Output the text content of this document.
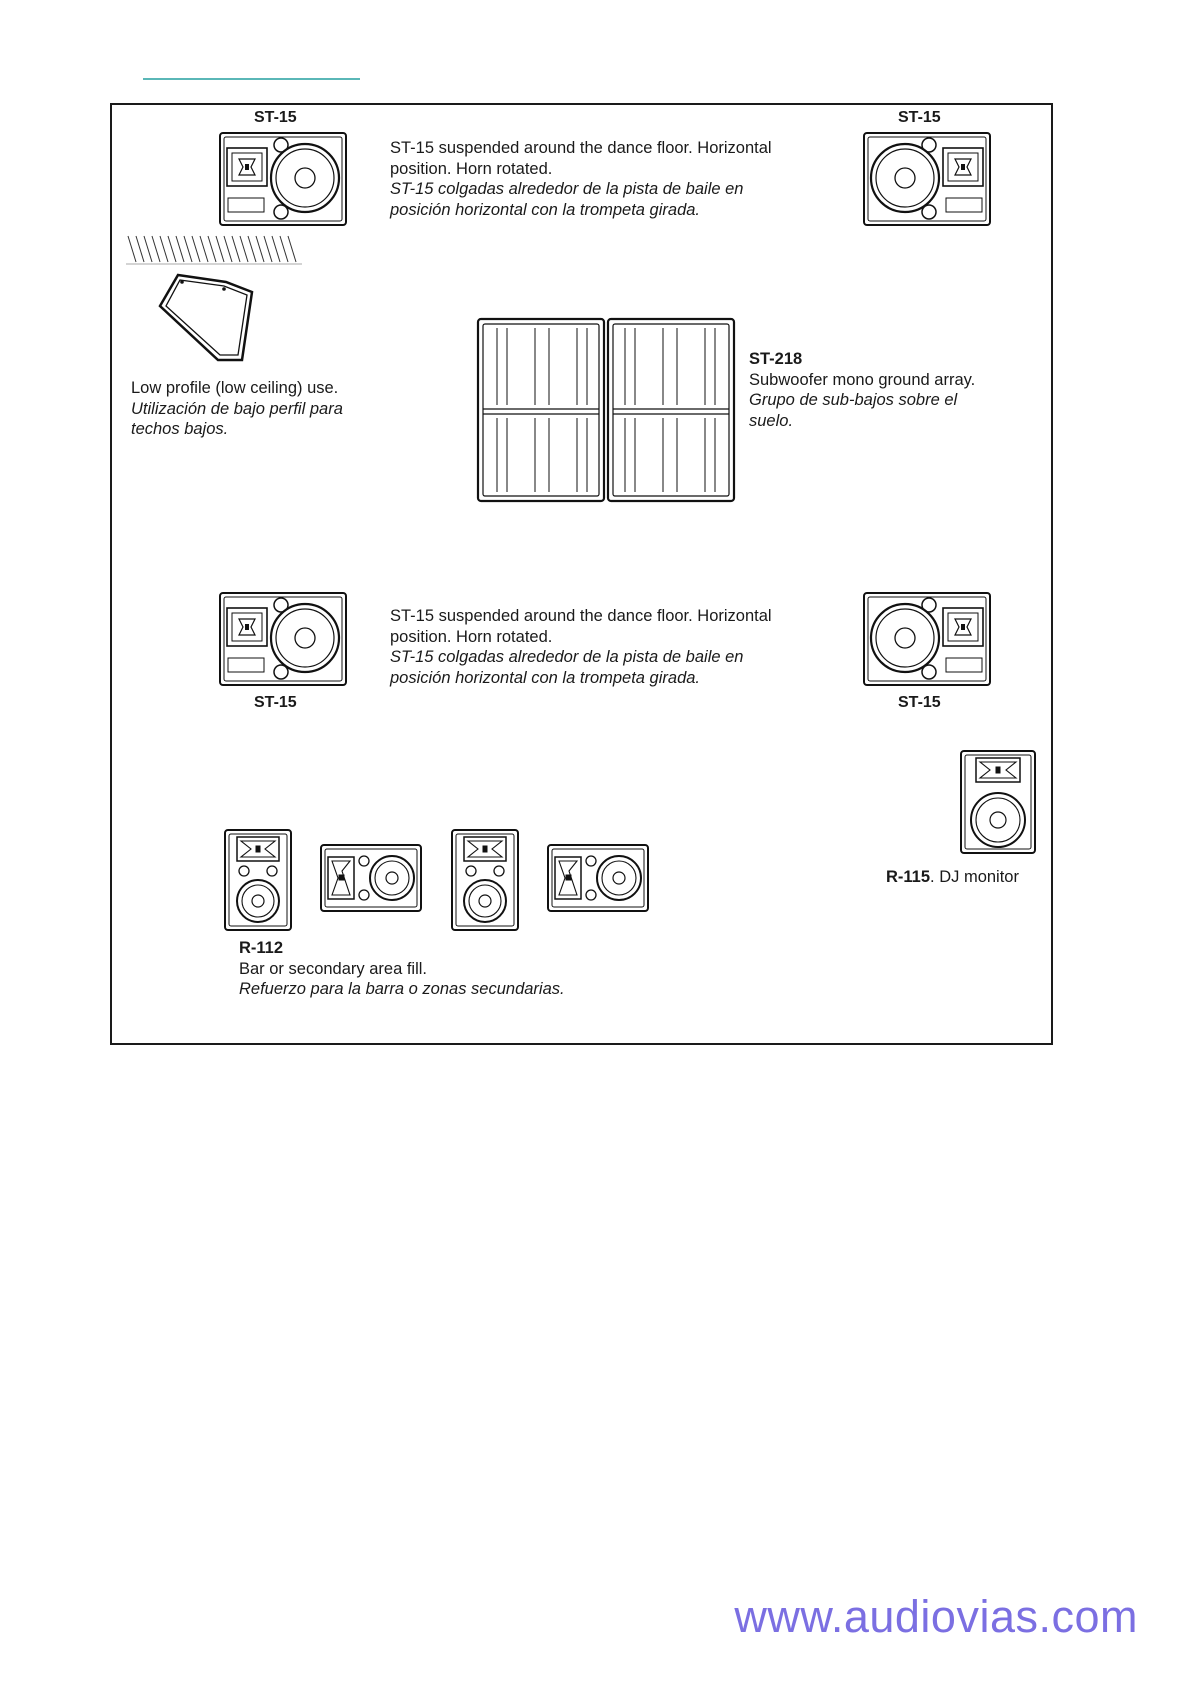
ST-15	ST-15
ST-15 suspended around the dance floor. Horizontal
position. Horn rotated.
ST-15 colgadas alrededor de la pista de baile en
posición horizontal con la trompeta girada.
Low profile (low ceiling) use.
Utilización de bajo perfil para
techos bajos.
ST-218
Subwoofer mono ground array.
Grupo de sub-bajos sobre el
suelo.
ST-15 suspended around the dance floor. Horizontal
position. Horn rotated.
ST-15 colgadas alrededor de la pista de baile en
posición horizontal con la trompeta girada.
ST-15	ST-15
R-115. DJ monitor
R-112
Bar or secondary area fill.
Refuerzo para la barra o zonas secundarias.
www.audiovias.com
